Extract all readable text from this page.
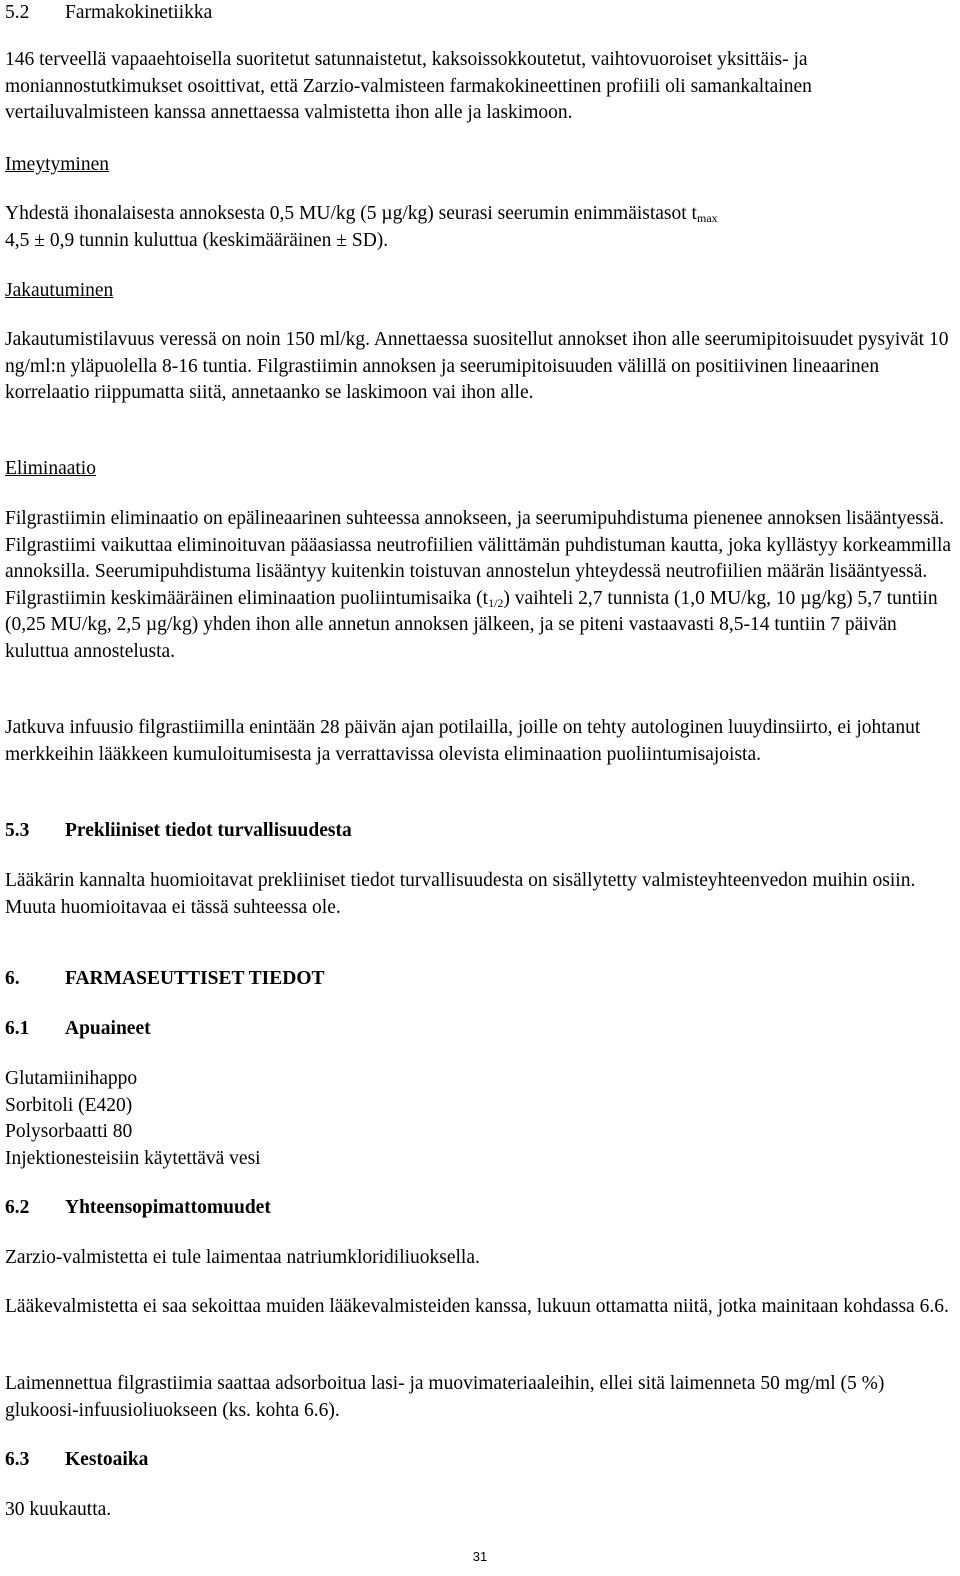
5.2 Farmakokinetiikka

146 terveellä vapaaehtoisella suoritetut satunnaistetut, kaksoissokkoutetut, vaihtovuoroiset yksittäis- ja moniannostutkimukset osoittivat, että Zarzio-valmisteen farmakokineettinen profiili oli samankaltainen vertailuvalmisteen kanssa annettaessa valmistetta ihon alle ja laskimoon.

Imeytyminen

Yhdestä ihonalaisesta annoksesta 0,5 MU/kg (5 µg/kg) seurasi seerumin enimmäistasot $t_{max}$
4,5 ± 0,9 tunnin kuluttua (keskimääräinen ± SD).

Jakautuminen

Jakautumistilavuus veressä on noin 150 ml/kg. Annettaessa suositellut annokset ihon alle seerumipitoisuudet pysyivät 10 ng/ml:n yläpuolella 8-16 tuntia. Filgrastiimin annoksen ja seerumipitoisuuden välillä on positiivinen lineaarinen korrelaatio riippumatta siitä, annetaanko se laskimoon vai ihon alle.

Eliminaatio

Filgrastiimin eliminaatio on epälineaarinen suhteessa annokseen, ja seerumipuhdistuma pienenee annoksen lisääntyessä. Filgrastiimi vaikuttaa eliminoituvan pääasiassa neutrofiilien välittämän puhdistuman kautta, joka kyllästyy korkeammilla annoksilla. Seerumipuhdistuma lisääntyy kuitenkin toistuvan annostelun yhteydessä neutrofiilien määrän lisääntyessä. Filgrastiimin keskimääräinen eliminaation puoliintumisaika $(t_{1/2})$ vaihteli 2,7 tunnista (1,0 MU/kg, 10 µg/kg) 5,7 tuntiin (0,25 MU/kg, 2,5 µg/kg) yhden ihon alle annetun annoksen jälkeen, ja se piteni vastaavasti 8,5-14 tuntiin 7 päivän kuluttua annostelusta.

Jatkuva infuusio filgrastiimilla enintään 28 päivän ajan potilailla, joille on tehty autologinen luuydinsiirto, ei johtanut merkkeihin lääkkeen kumuloitumisesta ja verrattavissa olevista eliminaation puoliintumisajoista.

5.3 Prekliiniset tiedot turvallisuudesta

Lääkärin kannalta huomioitavat prekliiniset tiedot turvallisuudesta on sisällytetty valmisteyhteenvedon muihin osiin. Muuta huomioitavaa ei tässä suhteessa ole.

6. FARMASEUTTISET TIEDOT

6.1 Apuaineet

Glutamiinihappo
Sorbitoli (E420)
Polysorbaatti 80
Injektionesteisiin käytettävä vesi

6.2 Yhteensopimattomuudet

Zarzio-valmistetta ei tule laimentaa natriumkloridiliuoksella.

Lääkevalmistetta ei saa sekoittaa muiden lääkevalmisteiden kanssa, lukuun ottamatta niitä, jotka mainitaan kohdassa 6.6.

Laimennettua filgrastiimia saattaa adsorboitua lasi- ja muovimateriaaleihin, ellei sitä laimenneta 50 mg/ml (5 %) glukoosi-infuusioliuokseen (ks. kohta 6.6).

6.3 Kestoaika

30 kuukautta.

31
